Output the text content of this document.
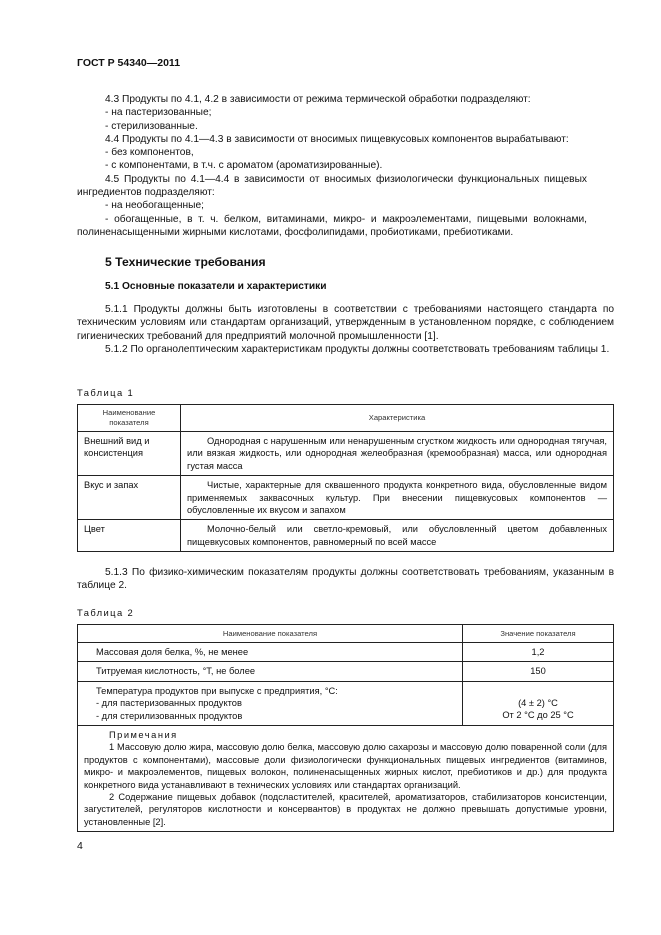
ГОСТ Р 54340—2011
4.3 Продукты по 4.1, 4.2 в зависимости от режима термической обработки подразделяют:
- на пастеризованные;
- стерилизованные.
4.4 Продукты по 4.1—4.3 в зависимости от вносимых пищевкусовых компонентов вырабатывают:
- без компонентов,
- с компонентами, в т.ч. с ароматом (ароматизированные).
4.5 Продукты по 4.1—4.4 в зависимости от вносимых физиологически функциональных пищевых ингредиентов подразделяют:
- на необогащенные;
- обогащенные, в т. ч. белком, витаминами, микро- и макроэлементами, пищевыми волокнами, полиненасыщенными жирными кислотами, фосфолипидами, пробиотиками, пребиотиками.
5 Технические требования
5.1 Основные показатели и характеристики
5.1.1 Продукты должны быть изготовлены в соответствии с требованиями настоящего стандарта по техническим условиям или стандартам организаций, утвержденным в установленном порядке, с соблюдением гигиенических требований для предприятий молочной промышленности [1].
5.1.2 По органолептическим характеристикам продукты должны соответствовать требованиям таблицы 1.
Таблица 1
Наименование показателя	Характеристика
Внешний вид и консистенция	Однородная с нарушенным или ненарушенным сгустком жидкость или однородная тягучая, или вязкая жидкость, или однородная желеобразная (кремообразная) масса, или однородная густая масса
Вкус и запах	Чистые, характерные для сквашенного продукта конкретного вида, обусловленные видом применяемых заквасочных культур. При внесении пищевкусовых компонентов — обусловленные их вкусом и запахом
Цвет	Молочно-белый или светло-кремовый, или обусловленный цветом добавленных пищевкусовых компонентов, равномерный по всей массе
5.1.3 По физико-химическим показателям продукты должны соответствовать требованиям, указанным в таблице 2.
Таблица 2
Наименование показателя	Значение показателя
Массовая доля белка, %, не менее	1,2
Титруемая кислотность, °Т, не более	150

Температура продуктов при выпуске с предприятия, °С:
- для пастеризованных продуктов
- для стерилизованных продуктов	(4 ± 2) °С
От 2 °С до 25 °С

Примечания
1 Массовую долю жира, массовую долю белка, массовую долю сахарозы и массовую долю поваренной соли (для продуктов с компонентами), массовые доли физиологически функциональных пищевых ингредиентов (витаминов, микро- и макроэлементов, пищевых волокон, полиненасыщенных жирных кислот, пребиотиков и др.) для продукта конкретного вида устанавливают в технических условиях или стандартах организаций.
2 Содержание пищевых добавок (подсластителей, красителей, ароматизаторов, стабилизаторов консистенции, загустителей, регуляторов кислотности и консервантов) в продуктах не должно превышать допустимые уровни, установленные [2].	
4
